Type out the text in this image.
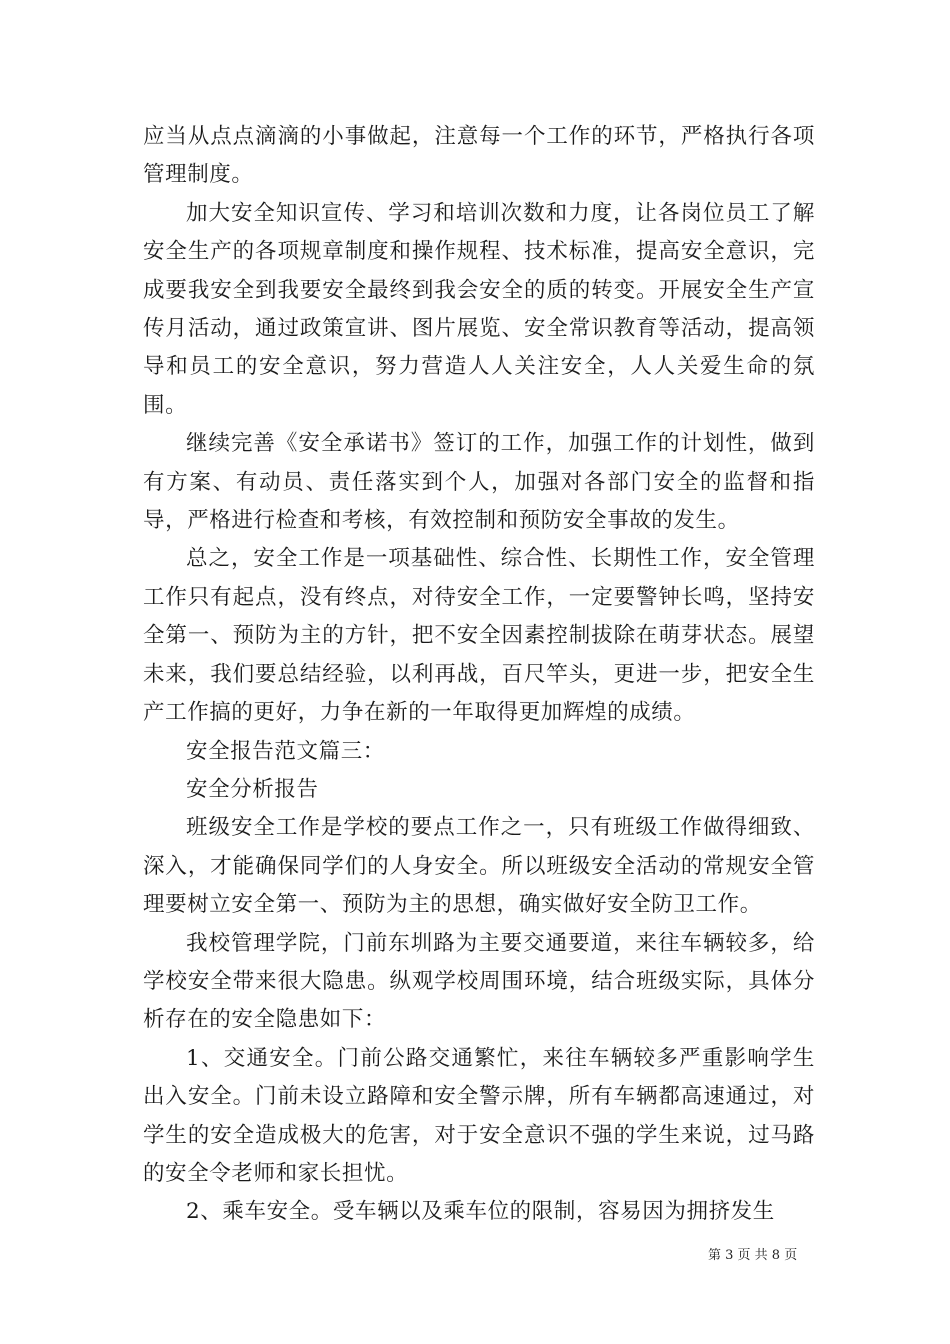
应当从点点滴滴的小事做起，注意每一个工作的环节，严格执行各项管理制度。

加大安全知识宣传、学习和培训次数和力度，让各岗位员工了解安全生产的各项规章制度和操作规程、技术标准，提高安全意识，完成要我安全到我要安全最终到我会安全的质的转变。开展安全生产宣传月活动，通过政策宣讲、图片展览、安全常识教育等活动，提高领导和员工的安全意识，努力营造人人关注安全，人人关爱生命的氛围。

继续完善《安全承诺书》签订的工作，加强工作的计划性，做到有方案、有动员、责任落实到个人，加强对各部门安全的监督和指导，严格进行检查和考核，有效控制和预防安全事故的发生。

总之，安全工作是一项基础性、综合性、长期性工作，安全管理工作只有起点，没有终点，对待安全工作，一定要警钟长鸣，坚持安全第一、预防为主的方针，把不安全因素控制拔除在萌芽状态。展望未来，我们要总结经验，以利再战，百尺竿头，更进一步，把安全生产工作搞的更好，力争在新的一年取得更加辉煌的成绩。

安全报告范文篇三：

安全分析报告

班级安全工作是学校的要点工作之一，只有班级工作做得细致、深入，才能确保同学们的人身安全。所以班级安全活动的常规安全管理要树立安全第一、预防为主的思想，确实做好安全防卫工作。

我校管理学院，门前东圳路为主要交通要道，来往车辆较多，给学校安全带来很大隐患。纵观学校周围环境，结合班级实际，具体分析存在的安全隐患如下：

1、交通安全。门前公路交通繁忙，来往车辆较多严重影响学生出入安全。门前未设立路障和安全警示牌，所有车辆都高速通过，对学生的安全造成极大的危害，对于安全意识不强的学生来说，过马路的安全令老师和家长担忧。

2、乘车安全。受车辆以及乘车位的限制，容易因为拥挤发生

第 3 页 共 8 页
